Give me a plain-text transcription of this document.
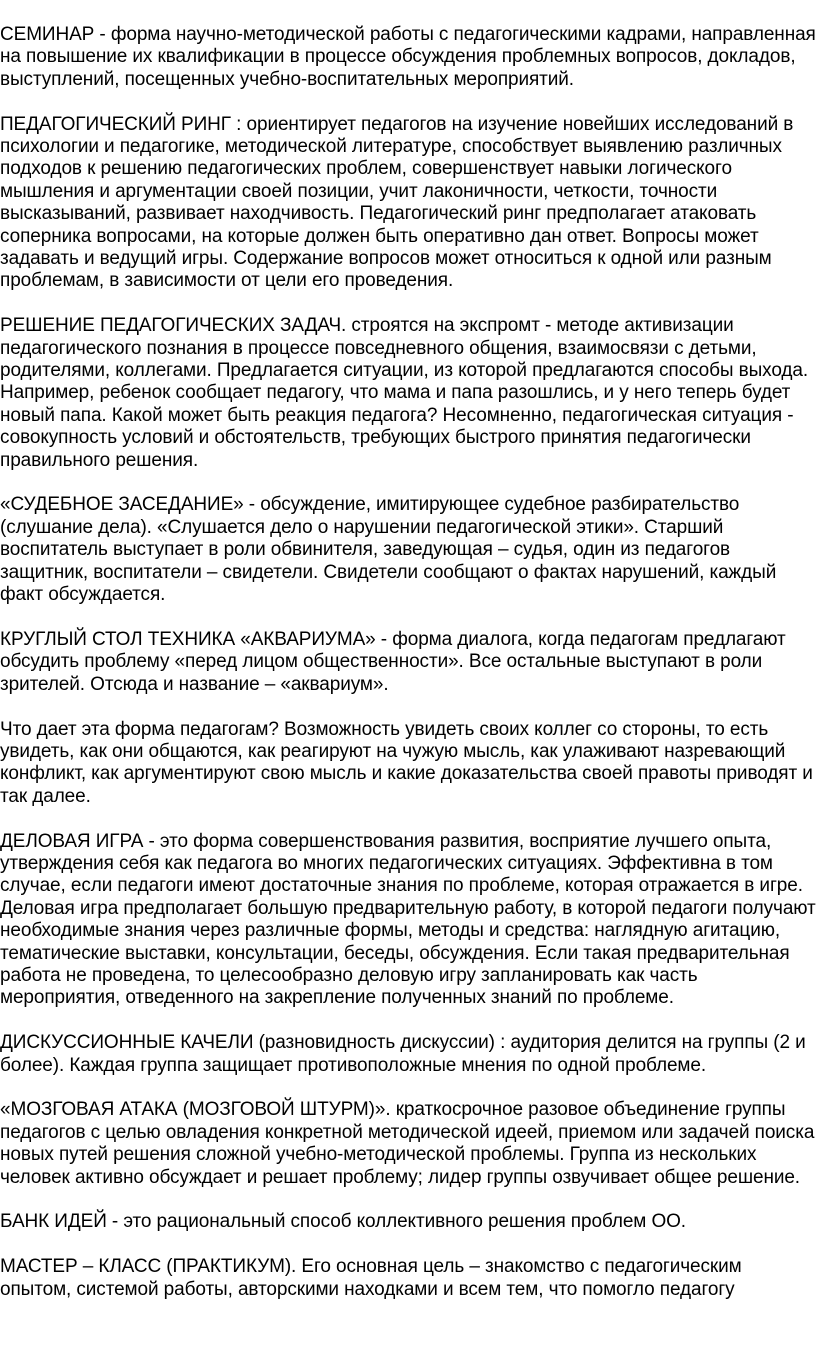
СЕМИНАР - форма научно-методической работы с педагогическими кадрами, направленная на повышение их квалификации в процессе обсуждения проблемных вопросов, докладов, выступлений, посещенных учебно-воспитательных мероприятий.

ПЕДАГОГИЧЕСКИЙ РИНГ : ориентирует педагогов на изучение новейших исследований в психологии и педагогике, методической литературе, способствует выявлению различных подходов к решению педагогических проблем, совершенствует навыки логического мышления и аргументации своей позиции, учит лаконичности, четкости, точности высказываний, развивает находчивость. Педагогический ринг предполагает атаковать соперника вопросами, на которые должен быть оперативно дан ответ. Вопросы может задавать и ведущий игры. Содержание вопросов может относиться к одной или разным проблемам, в зависимости от цели его проведения.

РЕШЕНИЕ ПЕДАГОГИЧЕСКИХ ЗАДАЧ. строятся на экспромт - методе активизации педагогического познания в процессе повседневного общения, взаимосвязи с детьми, родителями, коллегами. Предлагается ситуации, из которой предлагаются способы выхода. Например, ребенок сообщает педагогу, что мама и папа разошлись, и у него теперь будет новый папа. Какой может быть реакция педагога? Несомненно, педагогическая ситуация - совокупность условий и обстоятельств, требующих быстрого принятия педагогически правильного решения.

«СУДЕБНОЕ ЗАСЕДАНИЕ» - обсуждение, имитирующее судебное разбирательство (слушание дела). «Слушается дело о нарушении педагогической этики». Старший воспитатель выступает в роли обвинителя, заведующая – судья, один из педагогов защитник, воспитатели – свидетели. Свидетели сообщают о фактах нарушений, каждый факт обсуждается.

КРУГЛЫЙ СТОЛ ТЕХНИКА «АКВАРИУМА» - форма диалога, когда педагогам предлагают обсудить проблему «перед лицом общественности». Все остальные выступают в роли зрителей. Отсюда и название – «аквариум».

Что дает эта форма педагогам? Возможность увидеть своих коллег со стороны, то есть увидеть, как они общаются, как реагируют на чужую мысль, как улаживают назревающий конфликт, как аргументируют свою мысль и какие доказательства своей правоты приводят и так далее.

ДЕЛОВАЯ ИГРА - это форма совершенствования развития, восприятие лучшего опыта, утверждения себя как педагога во многих педагогических ситуациях. Эффективна в том случае, если педагоги имеют достаточные знания по проблеме, которая отражается в игре. Деловая игра предполагает большую предварительную работу, в которой педагоги получают необходимые знания через различные формы, методы и средства: наглядную агитацию, тематические выставки, консультации, беседы, обсуждения. Если такая предварительная работа не проведена, то целесообразно деловую игру запланировать как часть мероприятия, отведенного на закрепление полученных знаний по проблеме.

ДИСКУССИОННЫЕ КАЧЕЛИ (разновидность дискуссии) : аудитория делится на группы (2 и более). Каждая группа защищает противоположные мнения по одной проблеме.

«МОЗГОВАЯ АТАКА (МОЗГОВОЙ ШТУРМ)». краткосрочное разовое объединение группы педагогов с целью овладения конкретной методической идеей, приемом или задачей поиска новых путей решения сложной учебно-методической проблемы. Группа из нескольких человек активно обсуждает и решает проблему; лидер группы озвучивает общее решение.

БАНК ИДЕЙ - это рациональный способ коллективного решения проблем ОО.

МАСТЕР – КЛАСС (ПРАКТИКУМ). Его основная цель – знакомство с педагогическим опытом, системой работы, авторскими находками и всем тем, что помогло педагогу
